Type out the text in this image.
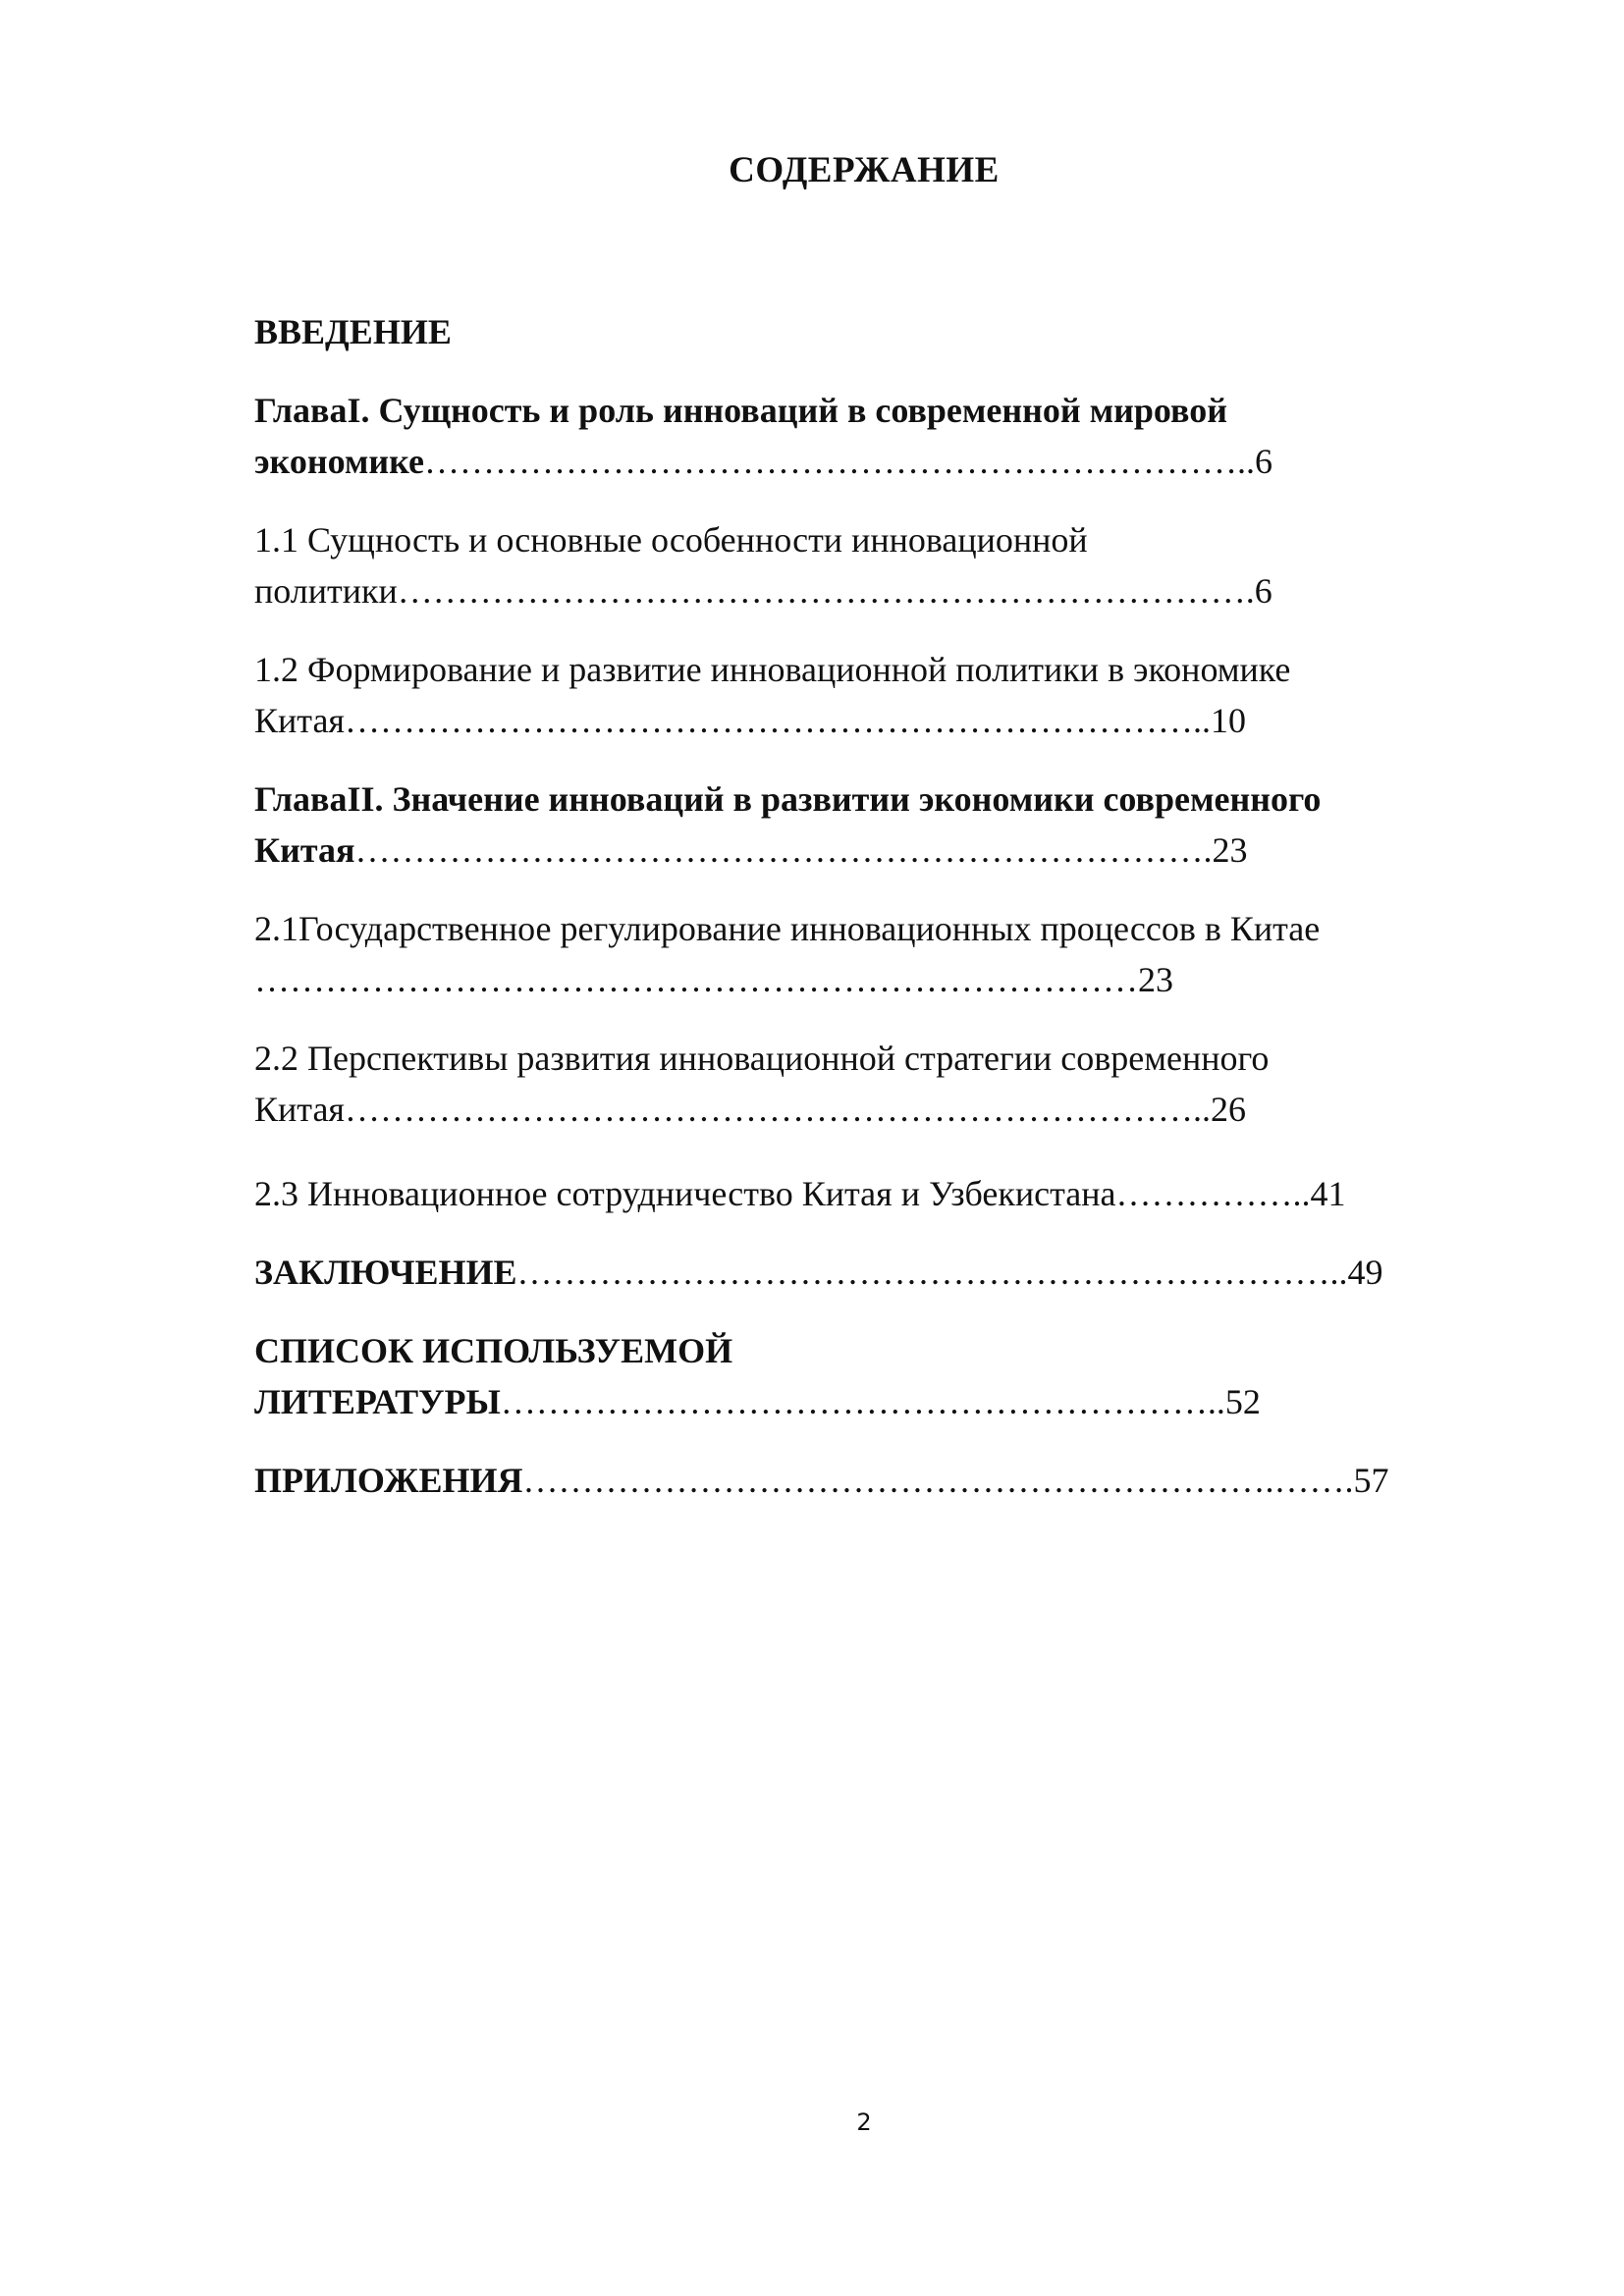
СОДЕРЖАНИЕ
ВВЕДЕНИЕ
ГлаваI. Сущность и роль инноваций в современной мировой
экономике……………………………………………………………..6
1.1 Сущность и основные особенности инновационной
политики……………………………………………………………….6
1.2 Формирование и развитие инновационной политики в экономике
Китая………………………………………………………………..10
ГлаваII. Значение инноваций в развитии экономики современного
Китая……………………………………………………………….23
2.1Государственное регулирование инновационных процессов в Китае
…………………………………………………………………23
2.2 Перспективы развития инновационной стратегии современного
Китая………………………………………………………………..26
2.3 Инновационное сотрудничество Китая и Узбекистана……………..41
ЗАКЛЮЧЕНИЕ……………………………………………………………..49
СПИСОК ИСПОЛЬЗУЕМОЙ
ЛИТЕРАТУРЫ……………………………………………………..52
ПРИЛОЖЕНИЯ……………………………………………………….…….57
2
